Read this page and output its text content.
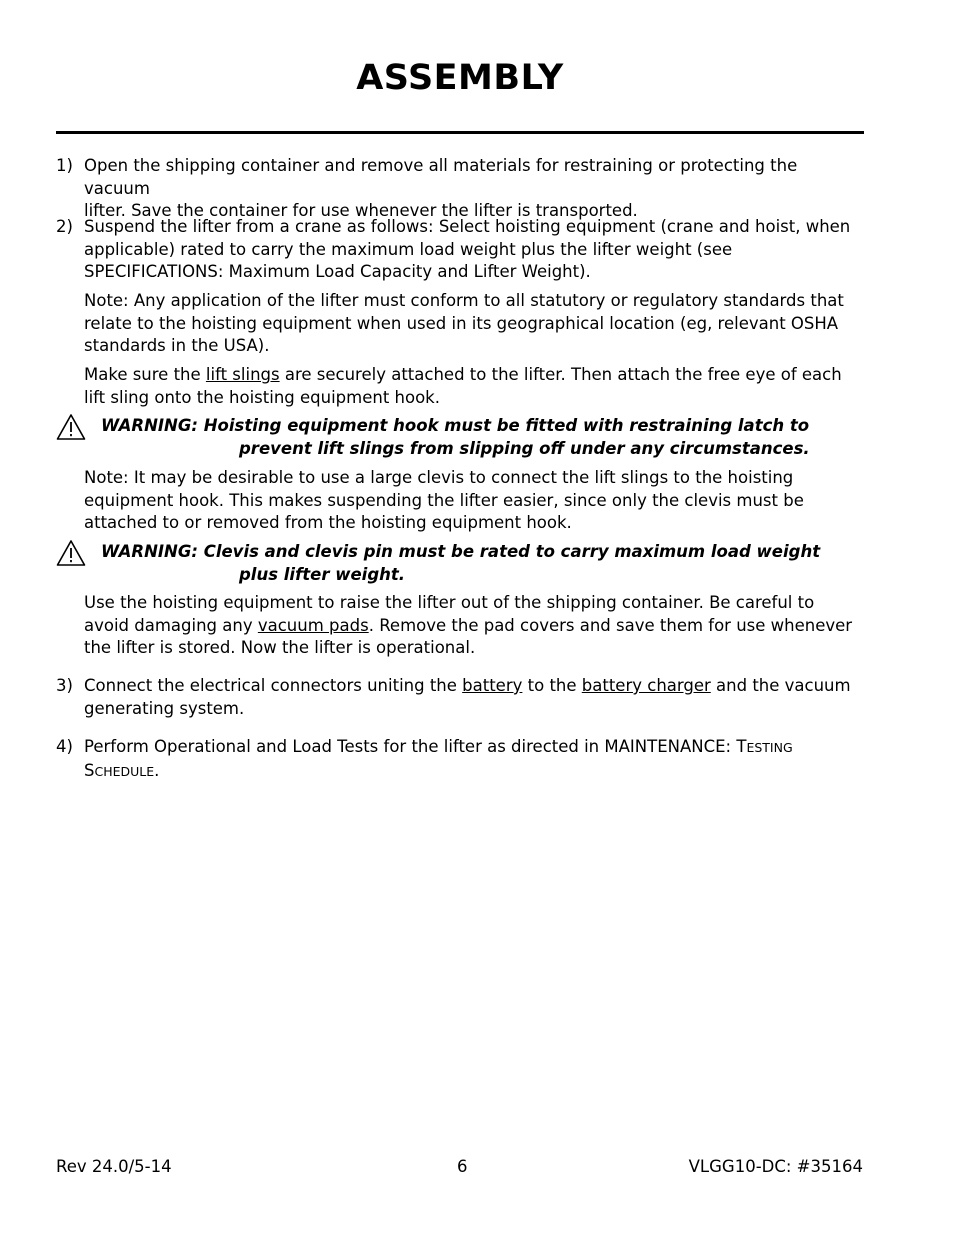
ASSEMBLY
1) Open the shipping container and remove all materials for restraining or protecting the vacuum
lifter. Save the container for use whenever the lifter is transported.
2) Suspend the lifter from a crane as follows: Select hoisting equipment (crane and hoist, when
applicable) rated to carry the maximum load weight plus the lifter weight (see
SPECIFICATIONS: Maximum Load Capacity and Lifter Weight).
Note: Any application of the lifter must conform to all statutory or regulatory standards that
relate to the hoisting equipment when used in its geographical location (eg, relevant OSHA
standards in the USA).
Make sure the lift slings are securely attached to the lifter. Then attach the free eye of each
lift sling onto the hoisting equipment hook.
WARNING: Hoisting equipment hook must be fitted with restraining latch to
prevent lift slings from slipping off under any circumstances.
Note: It may be desirable to use a large clevis to connect the lift slings to the hoisting
equipment hook. This makes suspending the lifter easier, since only the clevis must be
attached to or removed from the hoisting equipment hook.
WARNING: Clevis and clevis pin must be rated to carry maximum load weight
plus lifter weight.
Use the hoisting equipment to raise the lifter out of the shipping container. Be careful to
avoid damaging any vacuum pads. Remove the pad covers and save them for use whenever
the lifter is stored. Now the lifter is operational.
3) Connect the electrical connectors uniting the battery to the battery charger and the vacuum
generating system.
4) Perform Operational and Load Tests for the lifter as directed in MAINTENANCE: TESTING
SCHEDULE.
Rev 24.0/5-14	6	VLGG10-DC: #35164
